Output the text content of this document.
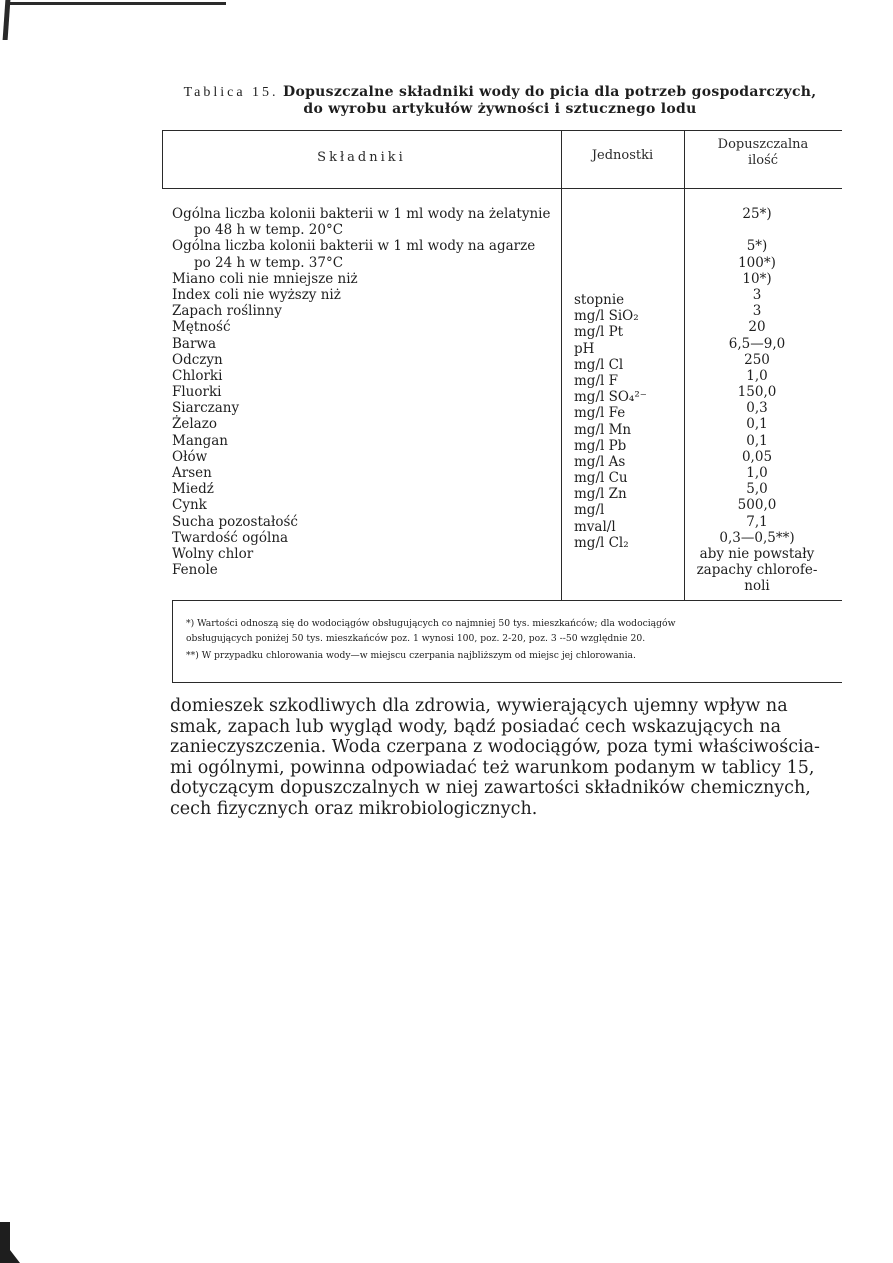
Tablica 15. Dopuszczalne składniki wody do picia dla potrzeb gospodarczych,
do wyrobu artykułów żywności i sztucznego lodu
Składniki	Jednostki
Dopuszczalna
ilość
Ogólna liczba kolonii bakterii w 1 ml wody na żelatynie
po 48 h w temp. 20°C
Ogólna liczba kolonii bakterii w 1 ml wody na agarze
po 24 h w temp. 37°C
Miano coli nie mniejsze niż
Index coli nie wyższy niż
Zapach roślinny
Mętność
Barwa
Odczyn
Chlorki
Fluorki
Siarczany
Żelazo
Mangan
Ołów
Arsen
Miedź
Cynk
Sucha pozostałość
Twardość ogólna
Wolny chlor
Fenole
stopnie
mg/l SiO₂
mg/l Pt
pH
mg/l Cl
mg/l F
mg/l SO₄²⁻
mg/l Fe
mg/l Mn
mg/l Pb
mg/l As
mg/l Cu
mg/l Zn
mg/l
mval/l
mg/l Cl₂
25*)
5*)
100*)
10*)
3
3
20
6,5—9,0
250
1,0
150,0
0,3
0,1
0,1
0,05
1,0
5,0
500,0
7,1
0,3—0,5**)
aby nie powstały
zapachy chlorofe-
noli
*) Wartości odnoszą się do wodociągów obsługujących co najmniej 50 tys. mieszkańców; dla wodociągów
obsługujących poniżej 50 tys. mieszkańców poz. 1 wynosi 100, poz. 2-20, poz. 3 --50 względnie 20.
**) W przypadku chlorowania wody—w miejscu czerpania najbliższym od miejsc jej chlorowania.

domieszek szkodliwych dla zdrowia, wywierających ujemny wpływ na

smak, zapach lub wygląd wody, bądź posiadać cech wskazujących na

zanieczyszczenia. Woda czerpana z wodociągów, poza tymi właściwościa-

mi ogólnymi, powinna odpowiadać też warunkom podanym w tablicy 15,

dotyczącym dopuszczalnych w niej zawartości składników chemicznych,

cech fizycznych oraz mikrobiologicznych.
